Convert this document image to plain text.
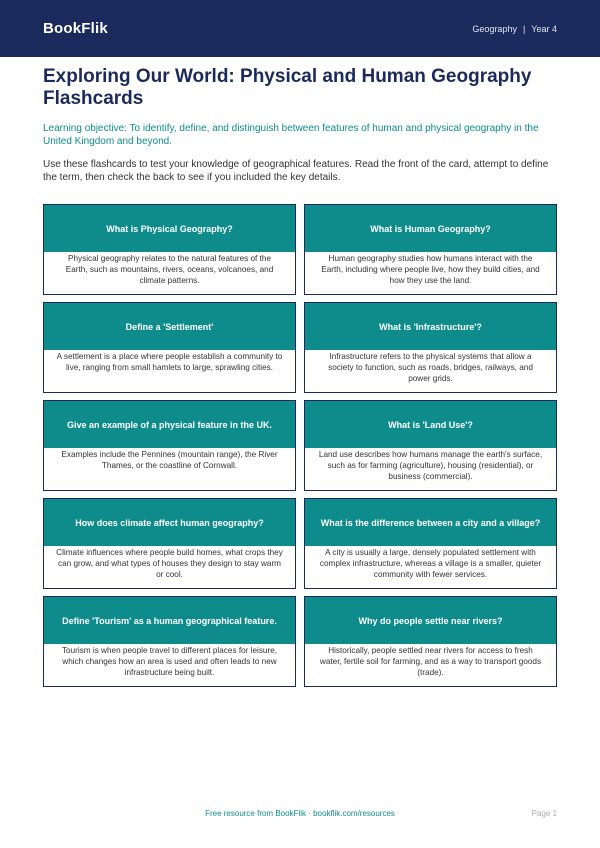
BookFlik	Geography | Year 4
Exploring Our World: Physical and Human Geography Flashcards
Learning objective: To identify, define, and distinguish between features of human and physical geography in the United Kingdom and beyond.
Use these flashcards to test your knowledge of geographical features. Read the front of the card, attempt to define the term, then check the back to see if you included the key details.
What is Physical Geography?
Physical geography relates to the natural features of the Earth, such as mountains, rivers, oceans, volcanoes, and climate patterns.
What is Human Geography?
Human geography studies how humans interact with the Earth, including where people live, how they build cities, and how they use the land.
Define a 'Settlement'
A settlement is a place where people establish a community to live, ranging from small hamlets to large, sprawling cities.
What is 'Infrastructure'?
Infrastructure refers to the physical systems that allow a society to function, such as roads, bridges, railways, and power grids.
Give an example of a physical feature in the UK.
Examples include the Pennines (mountain range), the River Thames, or the coastline of Cornwall.
What is 'Land Use'?
Land use describes how humans manage the earth's surface, such as for farming (agriculture), housing (residential), or business (commercial).
How does climate affect human geography?
Climate influences where people build homes, what crops they can grow, and what types of houses they design to stay warm or cool.
What is the difference between a city and a village?
A city is usually a large, densely populated settlement with complex infrastructure, whereas a village is a smaller, quieter community with fewer services.
Define 'Tourism' as a human geographical feature.
Tourism is when people travel to different places for leisure, which changes how an area is used and often leads to new infrastructure being built.
Why do people settle near rivers?
Historically, people settled near rivers for access to fresh water, fertile soil for farming, and as a way to transport goods (trade).
Free resource from BookFlik · bookflik.com/resources	Page 1
